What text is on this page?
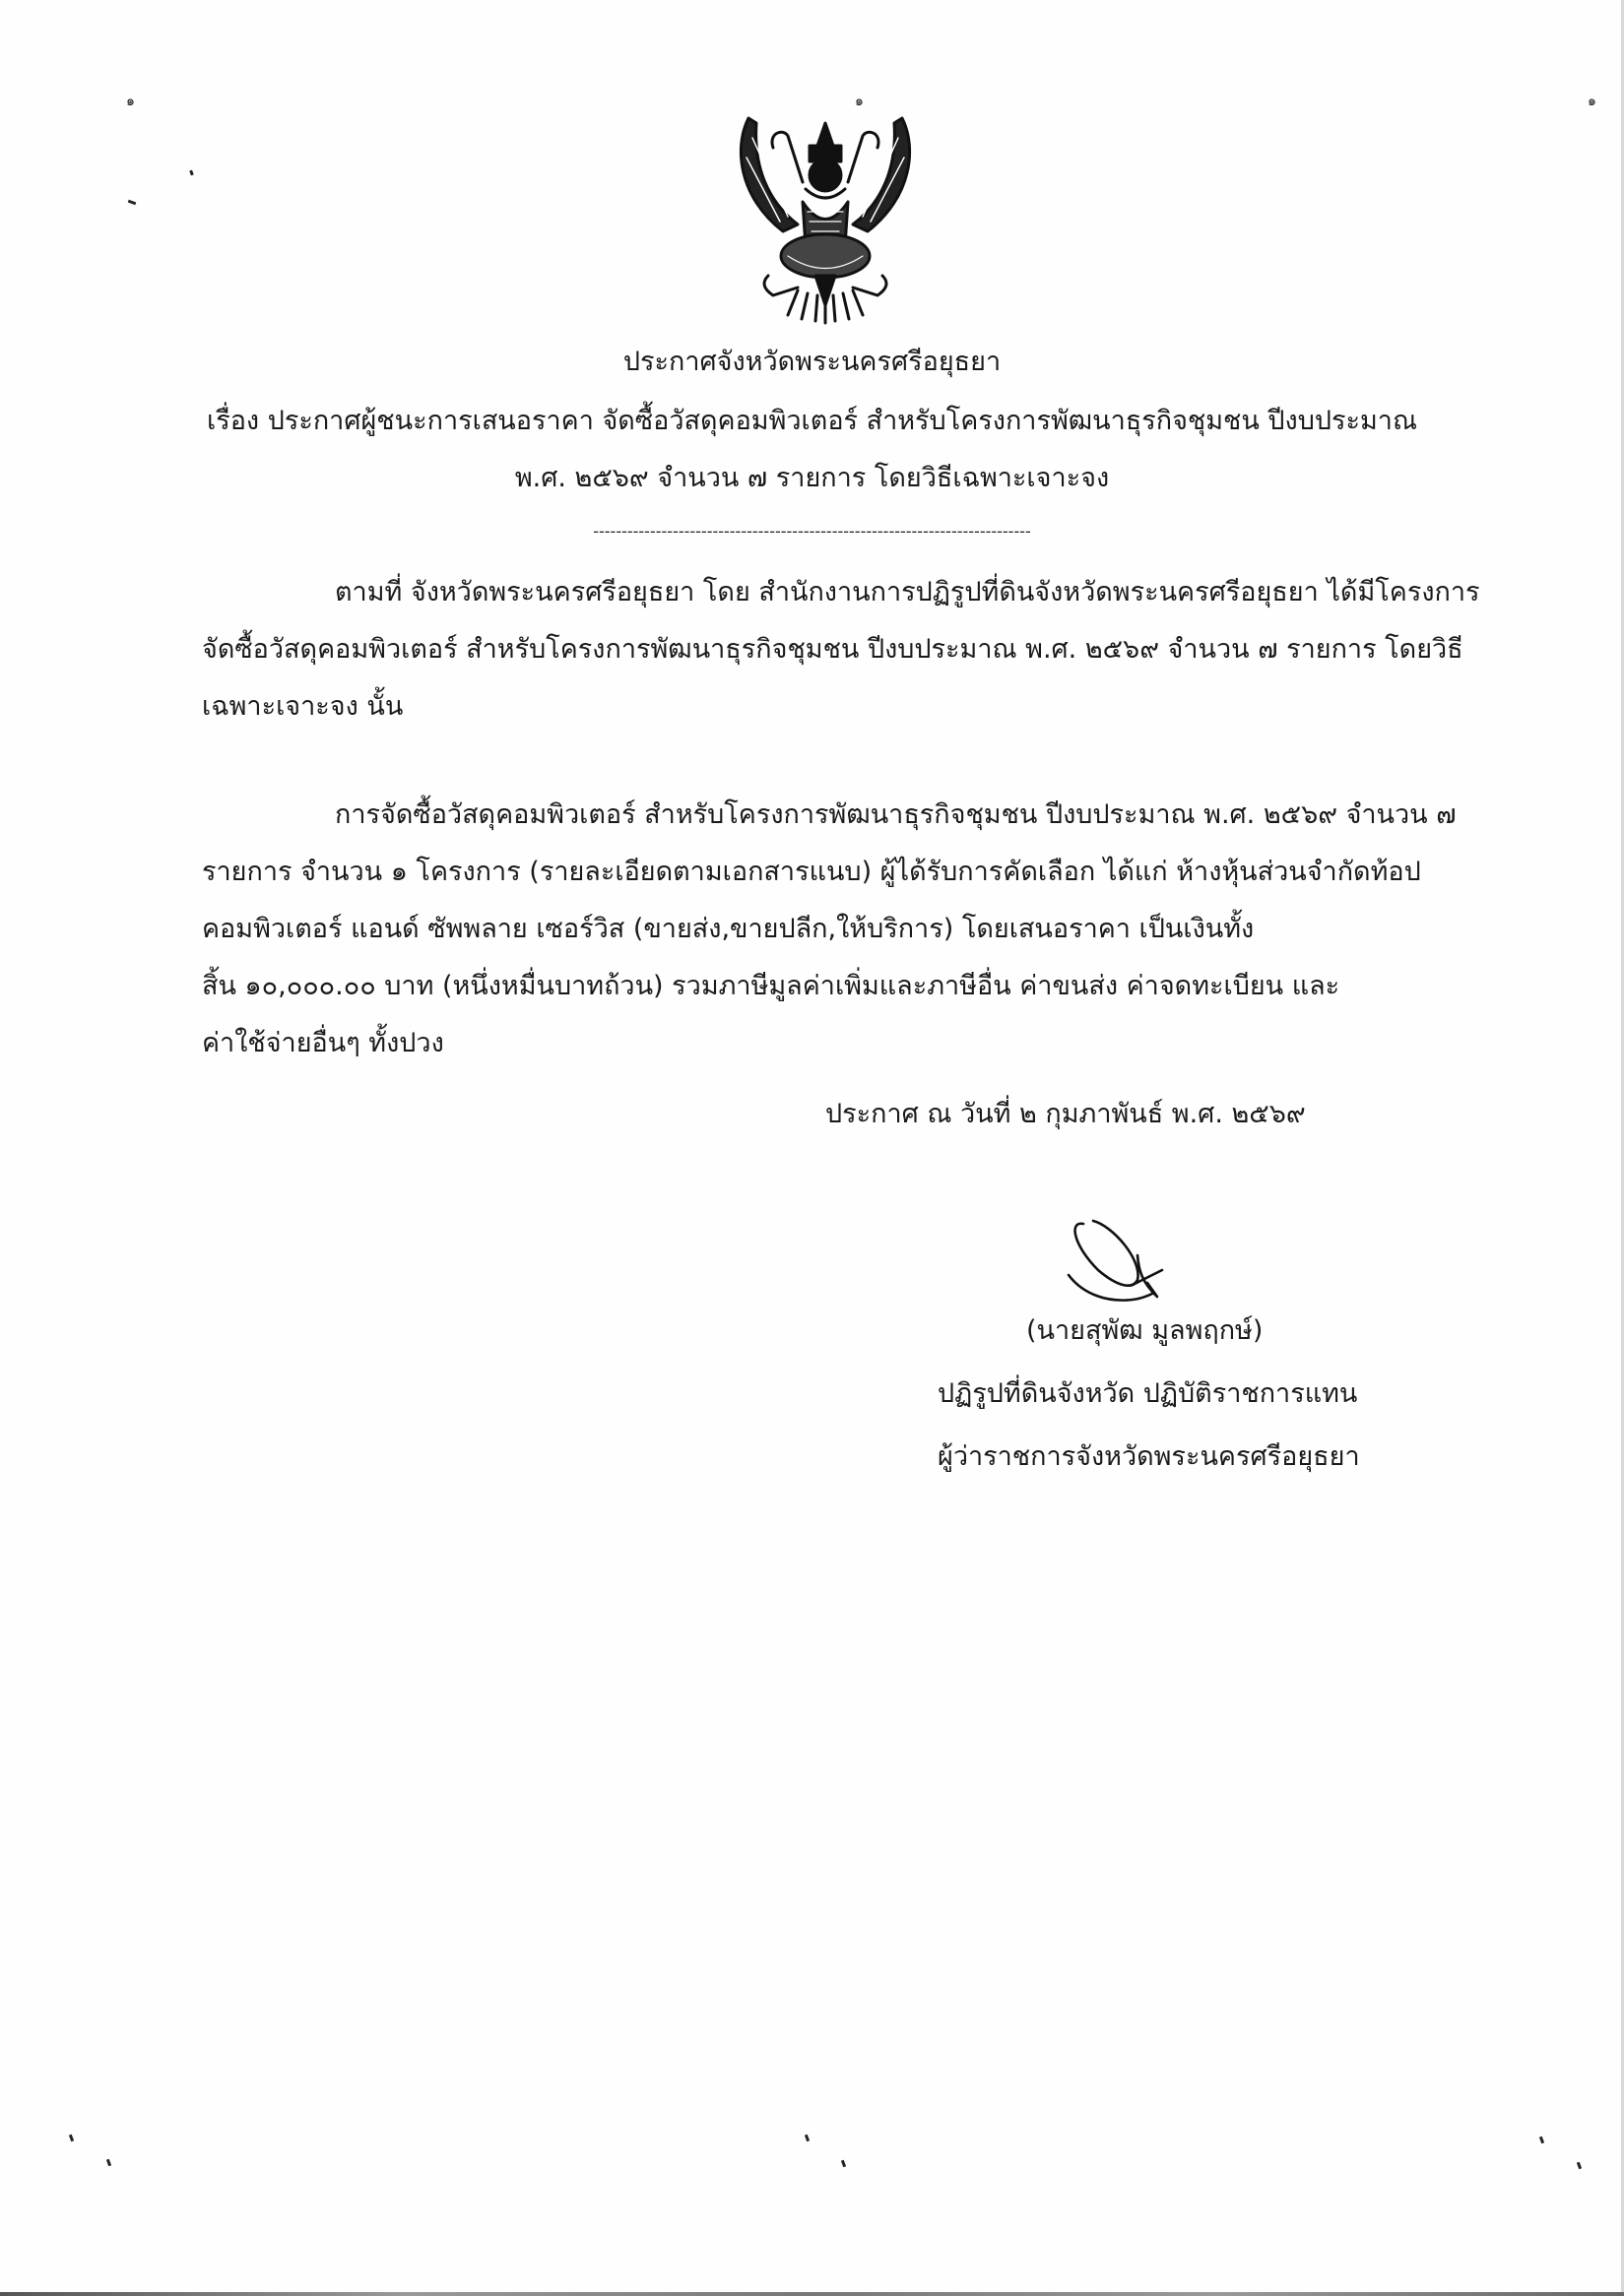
๑	๑	๑
ประกาศจังหวัดพระนครศรีอยุธยา
เรื่อง ประกาศผู้ชนะการเสนอราคา จัดซื้อวัสดุคอมพิวเตอร์ สำหรับโครงการพัฒนาธุรกิจชุมชน ปีงบประมาณ
พ.ศ. ๒๕๖๙ จำนวน ๗ รายการ โดยวิธีเฉพาะเจาะจง
-----------------------------------------------------------------------------
ตามที่ จังหวัดพระนครศรีอยุธยา โดย สำนักงานการปฏิรูปที่ดินจังหวัดพระนครศรีอยุธยา ได้มีโครงการ
จัดซื้อวัสดุคอมพิวเตอร์ สำหรับโครงการพัฒนาธุรกิจชุมชน ปีงบประมาณ พ.ศ. ๒๕๖๙ จำนวน ๗ รายการ โดยวิธี
เฉพาะเจาะจง นั้น
การจัดซื้อวัสดุคอมพิวเตอร์ สำหรับโครงการพัฒนาธุรกิจชุมชน ปีงบประมาณ พ.ศ. ๒๕๖๙ จำนวน ๗
รายการ จำนวน ๑ โครงการ (รายละเอียดตามเอกสารแนบ) ผู้ได้รับการคัดเลือก ได้แก่ ห้างหุ้นส่วนจำกัดท้อป
คอมพิวเตอร์ แอนด์ ซัพพลาย เซอร์วิส (ขายส่ง,ขายปลีก,ให้บริการ) โดยเสนอราคา เป็นเงินทั้ง
สิ้น ๑๐,๐๐๐.๐๐ บาท (หนึ่งหมื่นบาทถ้วน) รวมภาษีมูลค่าเพิ่มและภาษีอื่น ค่าขนส่ง ค่าจดทะเบียน และ
ค่าใช้จ่ายอื่นๆ ทั้งปวง
ประกาศ ณ วันที่ ๒ กุมภาพันธ์ พ.ศ. ๒๕๖๙
(นายสุพัฒ มูลพฤกษ์)
ปฏิรูปที่ดินจังหวัด ปฏิบัติราชการแทน
ผู้ว่าราชการจังหวัดพระนครศรีอยุธยา
